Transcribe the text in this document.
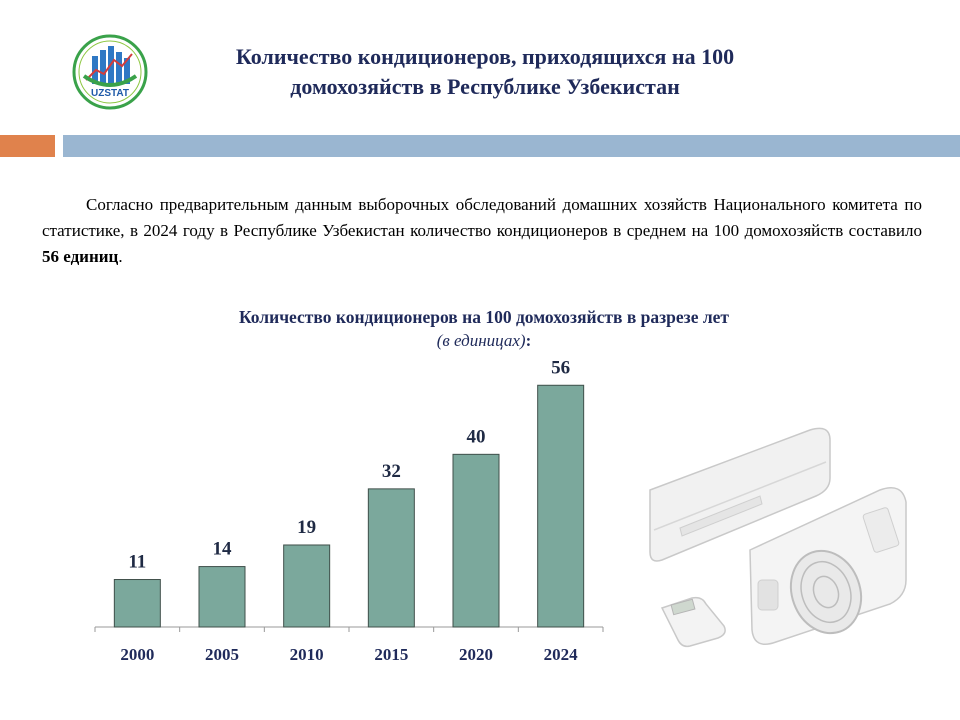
UZSTAT
Количество кондиционеров, приходящихся на 100
домохозяйств в Республике Узбекистан
Согласно предварительным данным выборочных обследований домашних хозяйств Национального комитета по статистике, в 2024 году в Республике Узбекистан количество кондиционеров в среднем на 100 домохозяйств составило 56 единиц.
Количество кондиционеров на 100 домохозяйств в разрезе лет
(в единицах):
11
2000
14
2005
19
2010
32
2015
40
2020
56
2024
